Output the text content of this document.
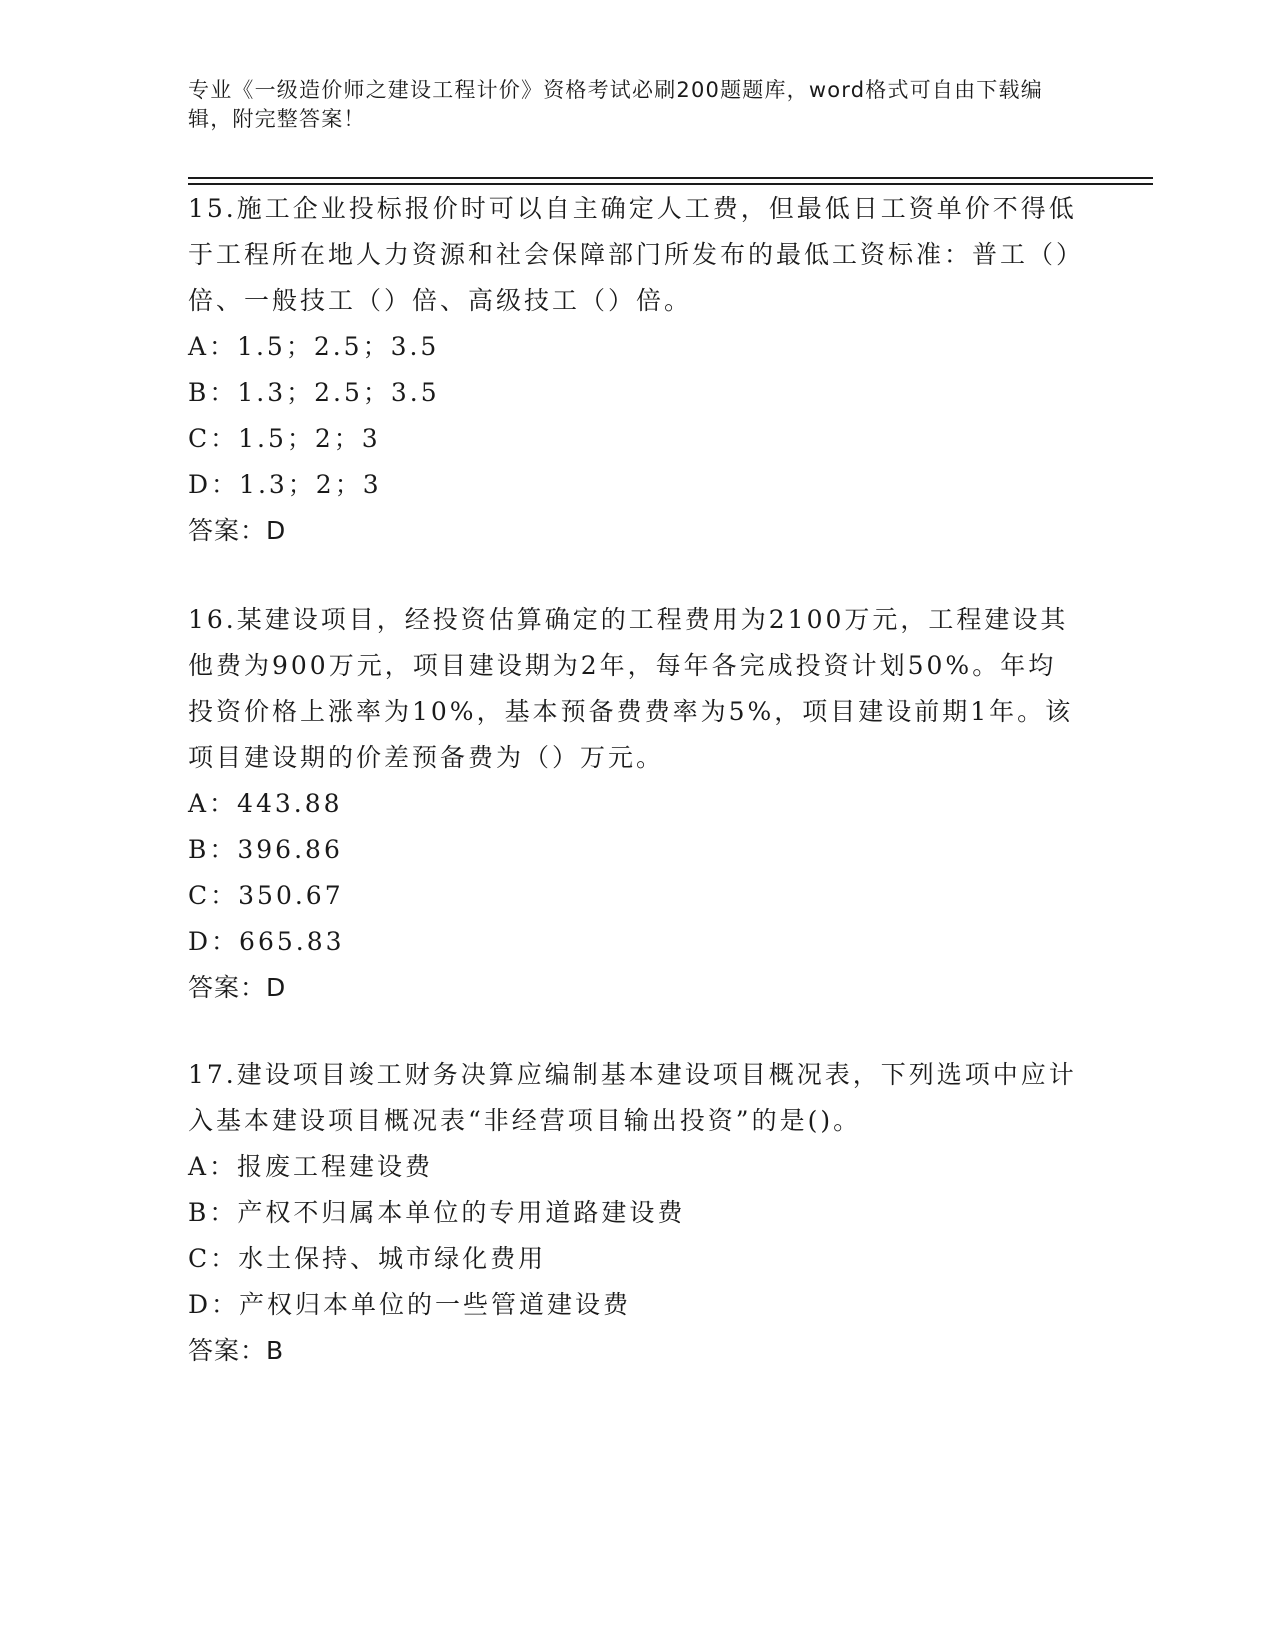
专业《一级造价师之建设工程计价》资格考试必刷200题题库，word格式可自由下载编辑，附完整答案！

15.施工企业投标报价时可以自主确定人工费，但最低日工资单价不得低于工程所在地人力资源和社会保障部门所发布的最低工资标准：普工（）倍、一般技工（）倍、高级技工（）倍。

A：1.5；2.5；3.5

B：1.3；2.5；3.5

C：1.5；2；3

D：1.3；2；3

答案：D

16.某建设项目，经投资估算确定的工程费用为2100万元，工程建设其他费为900万元，项目建设期为2年，每年各完成投资计划50%。年均投资价格上涨率为10%，基本预备费费率为5%，项目建设前期1年。该项目建设期的价差预备费为（）万元。

A：443.88

B：396.86

C：350.67

D：665.83

答案：D

17.建设项目竣工财务决算应编制基本建设项目概况表，下列选项中应计入基本建设项目概况表“非经营项目输出投资”的是()。

A：报废工程建设费

B：产权不归属本单位的专用道路建设费

C：水土保持、城市绿化费用

D：产权归本单位的一些管道建设费

答案：B
